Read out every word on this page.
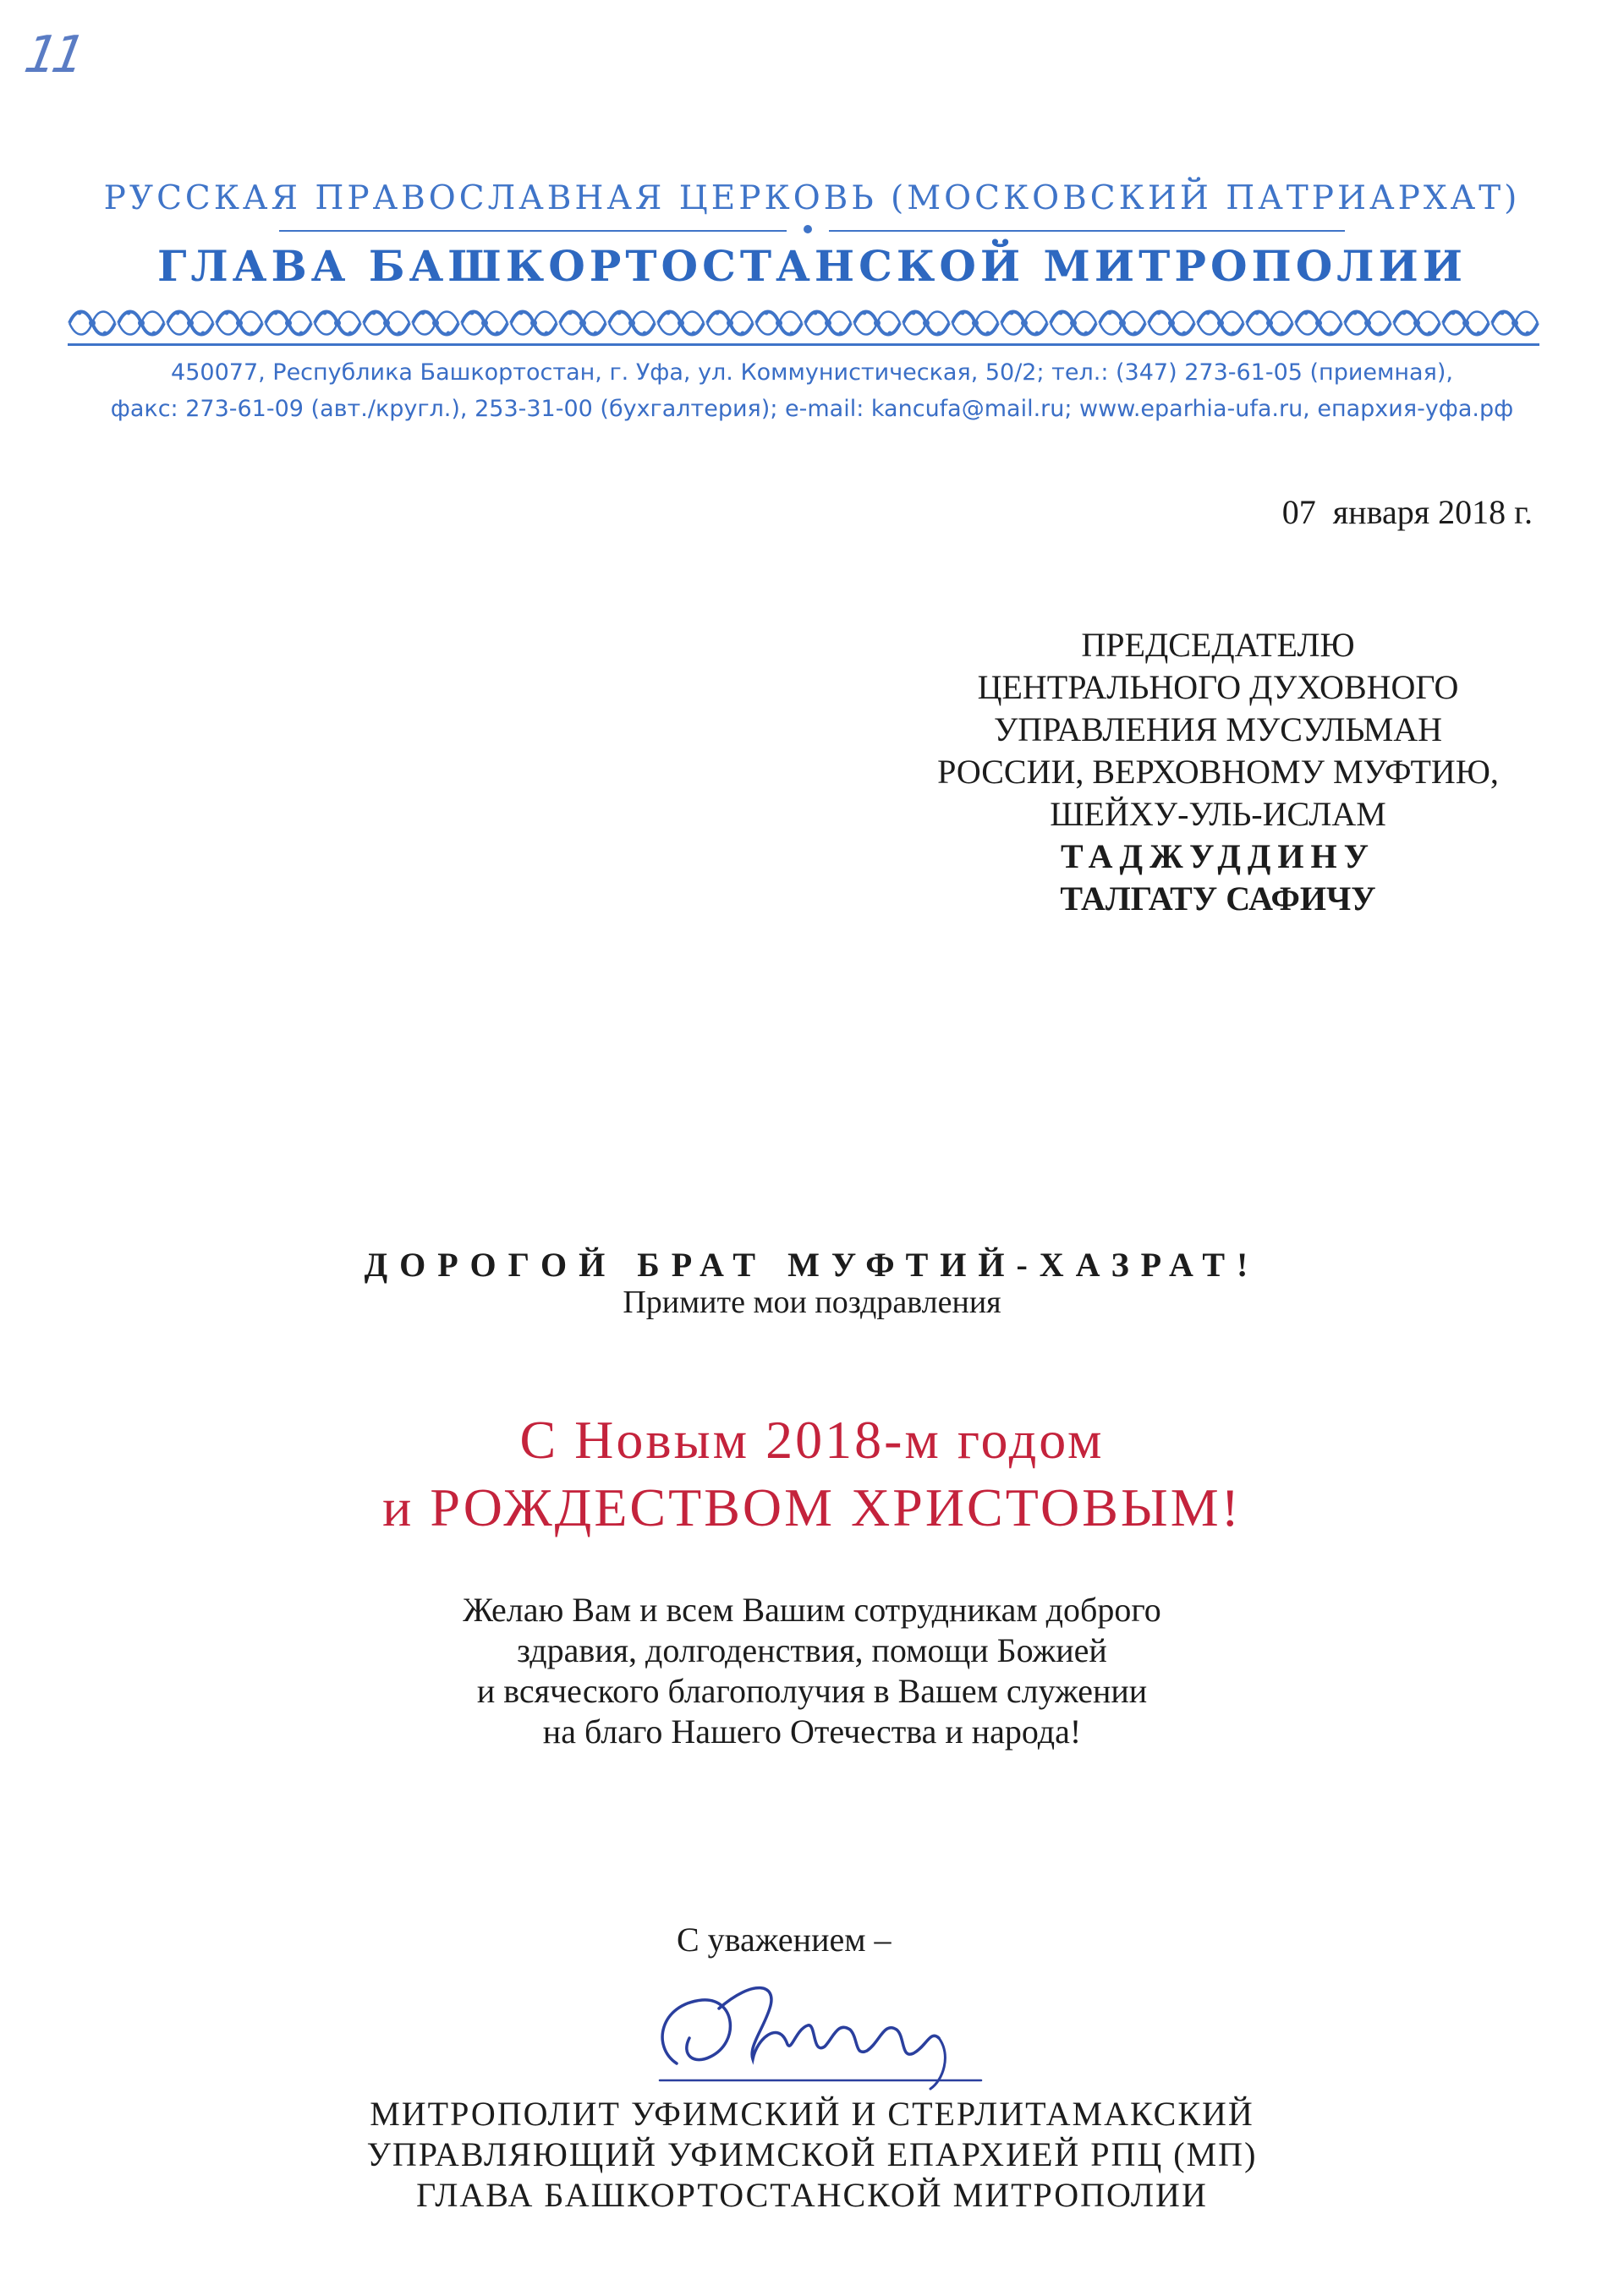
11
РУССКАЯ ПРАВОСЛАВНАЯ ЦЕРКОВЬ (МОСКОВСКИЙ ПАТРИАРХАТ)
ГЛАВА БАШКОРТОСТАНСКОЙ МИТРОПОЛИИ
450077, Республика Башкортостан, г. Уфа, ул. Коммунистическая, 50/2; тел.: (347) 273-61-05 (приемная),
факс: 273-61-09 (авт./кругл.), 253-31-00 (бухгалтерия); e-mail: kancufa@mail.ru; www.eparhia-ufa.ru, епархия-уфа.рф
07  января 2018 г.
ПРЕДСЕДАТЕЛЮ
ЦЕНТРАЛЬНОГО ДУХОВНОГО
УПРАВЛЕНИЯ МУСУЛЬМАН
РОССИИ, ВЕРХОВНОМУ МУФТИЮ,
ШЕЙХУ-УЛЬ-ИСЛАМ
ТАДЖУДДИНУ
ТАЛГАТУ САФИЧУ
ДОРОГОЙ БРАТ МУФТИЙ-ХАЗРАТ!
Примите мои поздравления
С Новым 2018-м годом
и РОЖДЕСТВОМ ХРИСТОВЫМ!
Желаю Вам и всем Вашим сотрудникам доброго
здравия, долгоденствия, помощи Божией
и всяческого благополучия в Вашем служении
на благо Нашего Отечества и народа!
С уважением –
МИТРОПОЛИТ УФИМСКИЙ И СТЕРЛИТАМАКСКИЙ
УПРАВЛЯЮЩИЙ УФИМСКОЙ ЕПАРХИЕЙ РПЦ (МП)
ГЛАВА БАШКОРТОСТАНСКОЙ МИТРОПОЛИИ
